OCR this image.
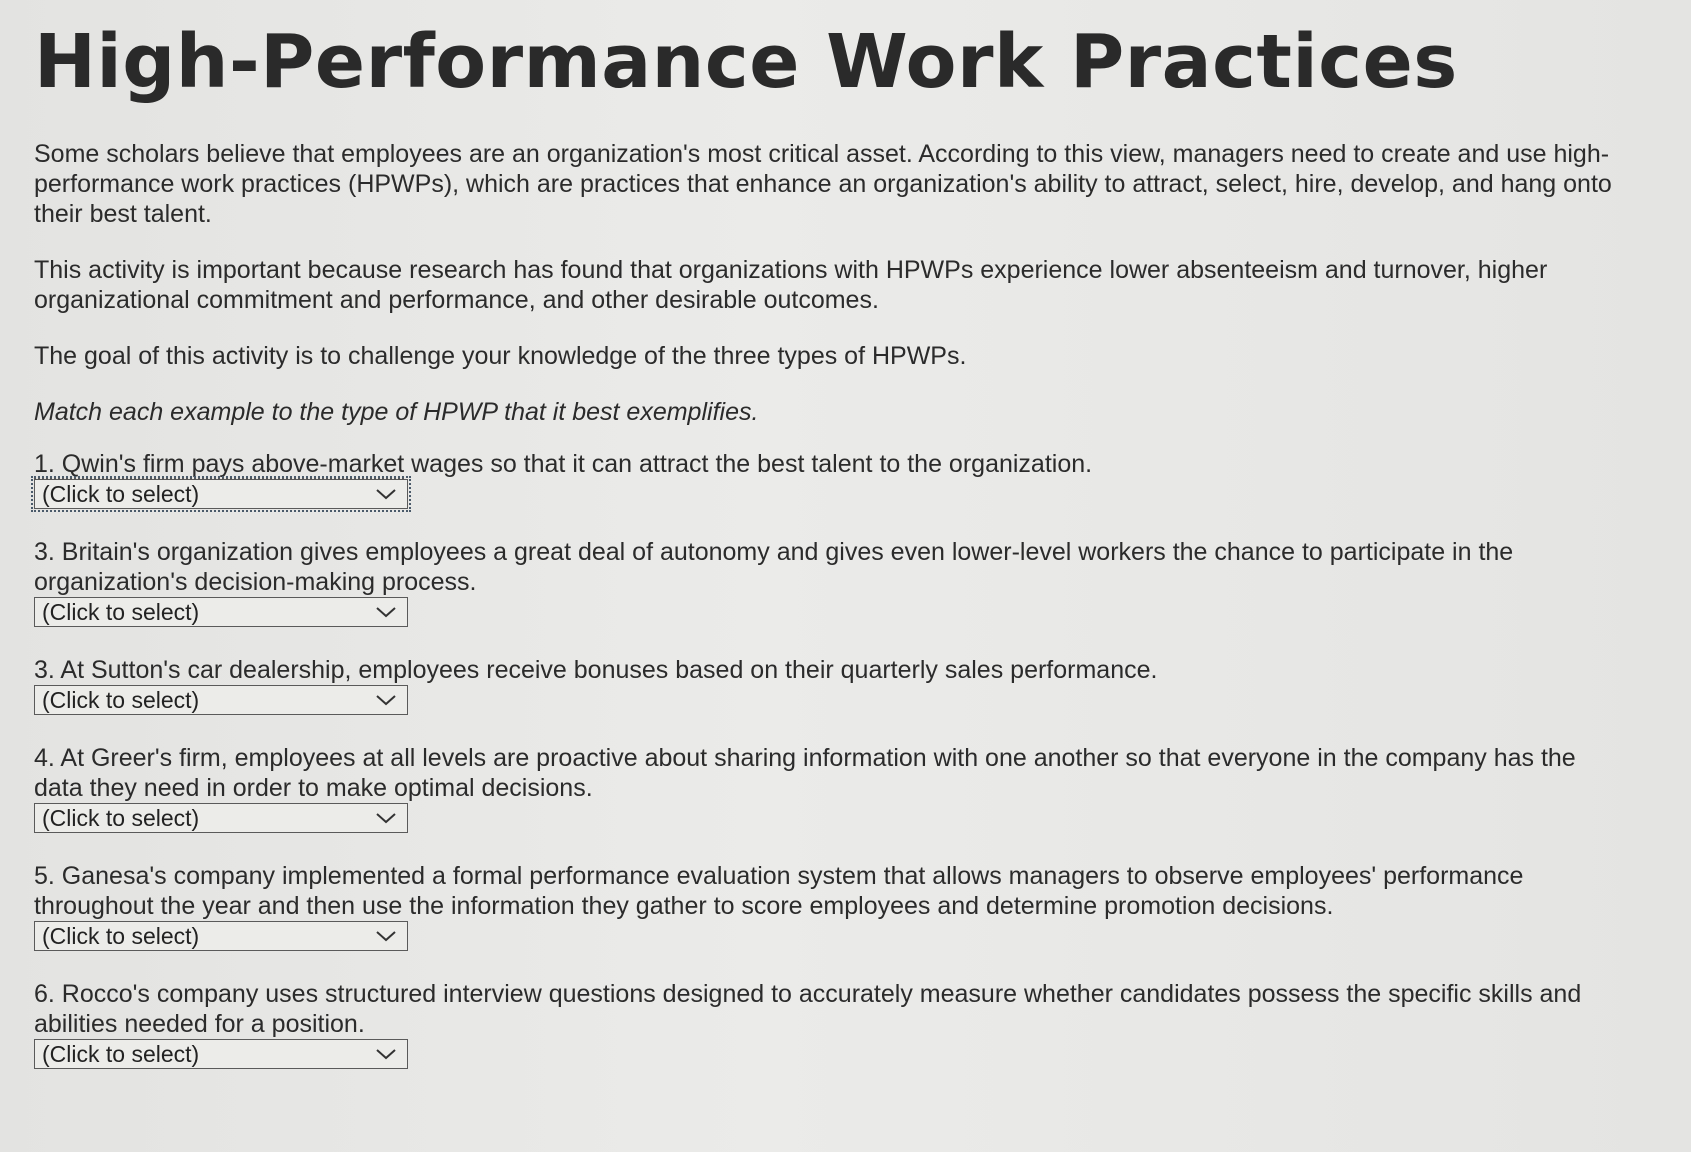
High-Performance Work Practices

Some scholars believe that employees are an organization's most critical asset. According to this view, managers need to create and use high-performance work practices (HPWPs), which are practices that enhance an organization's ability to attract, select, hire, develop, and hang onto their best talent.

This activity is important because research has found that organizations with HPWPs experience lower absenteeism and turnover, higher organizational commitment and performance, and other desirable outcomes.

The goal of this activity is to challenge your knowledge of the three types of HPWPs.

Match each example to the type of HPWP that it best exemplifies.

1. Qwin's firm pays above-market wages so that it can attract the best talent to the organization.

(Click to select)

3. Britain's organization gives employees a great deal of autonomy and gives even lower-level workers the chance to participate in the organization's decision-making process.

(Click to select)

3. At Sutton's car dealership, employees receive bonuses based on their quarterly sales performance.

(Click to select)

4. At Greer's firm, employees at all levels are proactive about sharing information with one another so that everyone in the company has the data they need in order to make optimal decisions.

(Click to select)

5. Ganesa's company implemented a formal performance evaluation system that allows managers to observe employees' performance throughout the year and then use the information they gather to score employees and determine promotion decisions.

(Click to select)

6. Rocco's company uses structured interview questions designed to accurately measure whether candidates possess the specific skills and abilities needed for a position.

(Click to select)
